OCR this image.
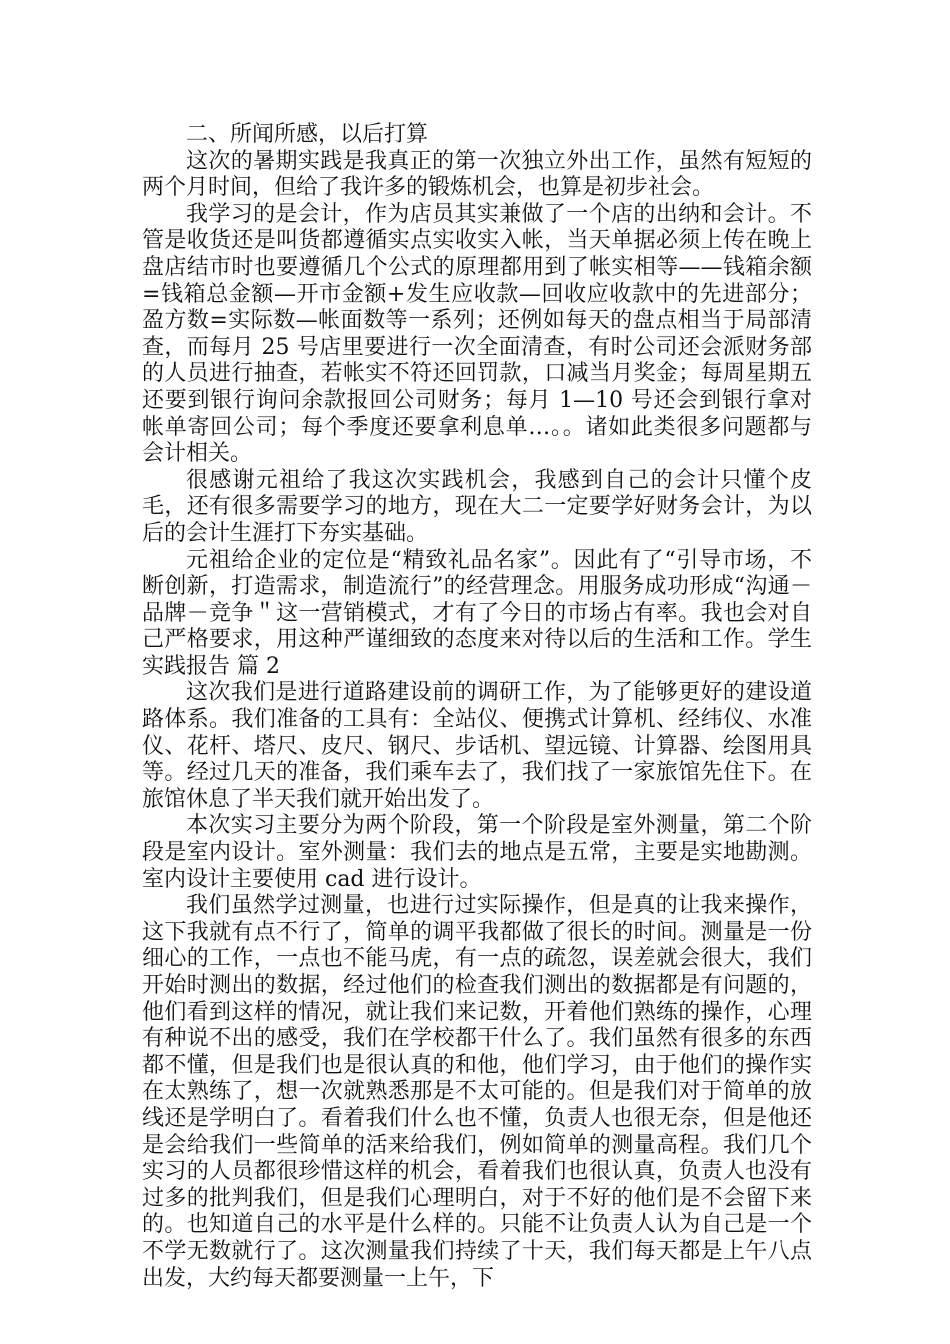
二、所闻所感，以后打算

这次的暑期实践是我真正的第一次独立外出工作，虽然有短短的两个月时间，但给了我许多的锻炼机会，也算是初步社会。

我学习的是会计，作为店员其实兼做了一个店的出纳和会计。不管是收货还是叫货都遵循实点实收实入帐，当天单据必须上传在晚上盘店结市时也要遵循几个公式的原理都用到了帐实相等——钱箱余额=钱箱总金额—开市金额+发生应收款—回收应收款中的先进部分；盈方数=实际数—帐面数等一系列；还例如每天的盘点相当于局部清查，而每月 25 号店里要进行一次全面清查，有时公司还会派财务部的人员进行抽查，若帐实不符还回罚款，口减当月奖金；每周星期五还要到银行询问余款报回公司财务；每月 1—10 号还会到银行拿对帐单寄回公司；每个季度还要拿利息单…。。诸如此类很多问题都与会计相关。

很感谢元祖给了我这次实践机会，我感到自己的会计只懂个皮毛，还有很多需要学习的地方，现在大二一定要学好财务会计，为以后的会计生涯打下夯实基础。

元祖给企业的定位是“精致礼品名家”。因此有了“引导市场，不断创新，打造需求，制造流行”的经营理念。用服务成功形成“沟通－品牌－竞争＂这一营销模式，才有了今日的市场占有率。我也会对自己严格要求，用这种严谨细致的态度来对待以后的生活和工作。学生实践报告 篇 2

这次我们是进行道路建设前的调研工作，为了能够更好的建设道路体系。我们准备的工具有：全站仪、便携式计算机、经纬仪、水准仪、花杆、塔尺、皮尺、钢尺、步话机、望远镜、计算器、绘图用具等。经过几天的准备，我们乘车去了，我们找了一家旅馆先住下。在旅馆休息了半天我们就开始出发了。

本次实习主要分为两个阶段，第一个阶段是室外测量，第二个阶段是室内设计。室外测量：我们去的地点是五常，主要是实地勘测。室内设计主要使用 cad 进行设计。

我们虽然学过测量，也进行过实际操作，但是真的让我来操作，这下我就有点不行了，简单的调平我都做了很长的时间。测量是一份细心的工作，一点也不能马虎，有一点的疏忽，误差就会很大，我们开始时测出的数据，经过他们的检查我们测出的数据都是有问题的，他们看到这样的情况，就让我们来记数，开着他们熟练的操作，心理有种说不出的感受，我们在学校都干什么了。我们虽然有很多的东西都不懂，但是我们也是很认真的和他，他们学习，由于他们的操作实在太熟练了，想一次就熟悉那是不太可能的。但是我们对于简单的放线还是学明白了。看着我们什么也不懂，负责人也很无奈，但是他还是会给我们一些简单的活来给我们，例如简单的测量高程。我们几个实习的人员都很珍惜这样的机会，看着我们也很认真，负责人也没有过多的批判我们，但是我们心理明白，对于不好的他们是不会留下来的。也知道自己的水平是什么样的。只能不让负责人认为自己是一个不学无数就行了。这次测量我们持续了十天，我们每天都是上午八点出发，大约每天都要测量一上午，下
